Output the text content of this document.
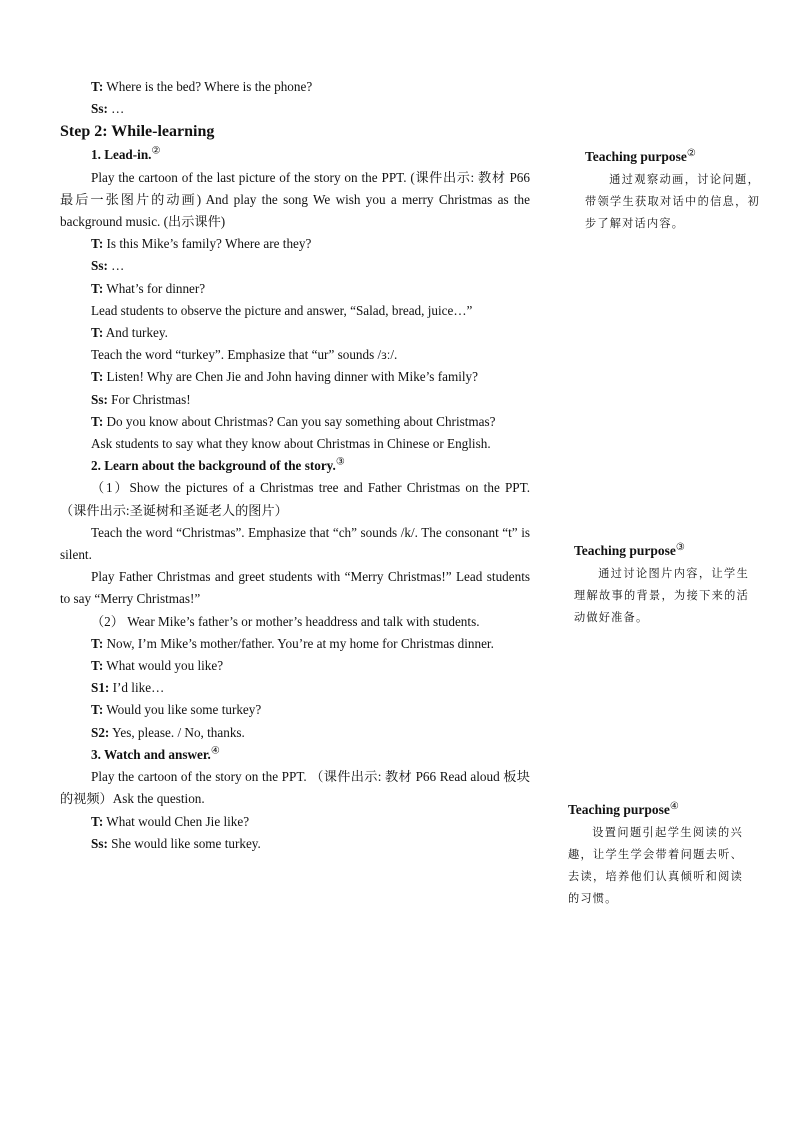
T: Where is the bed? Where is the phone?

Ss: …

Step 2: While-learning

1. Lead-in.②

Play the cartoon of the last picture of the story on the PPT. (课件出示: 教材 P66 最后一张图片的动画) And play the song We wish you a merry Christmas as the background music. (出示课件)

T: Is this Mike’s family? Where are they?

Ss: …

T: What’s for dinner?

Lead students to observe the picture and answer, “Salad, bread, juice…”

T: And turkey.

Teach the word “turkey”. Emphasize that “ur” sounds /ɜː/.

T: Listen! Why are Chen Jie and John having dinner with Mike’s family?

Ss: For Christmas!

T: Do you know about Christmas? Can you say something about Christmas?

Ask students to say what they know about Christmas in Chinese or English.

2. Learn about the background of the story.③

（1）Show the pictures of a Christmas tree and Father Christmas on the PPT. （课件出示:圣诞树和圣诞老人的图片）

Teach the word “Christmas”. Emphasize that “ch” sounds /k/. The consonant “t” is silent.

Play Father Christmas and greet students with “Merry Christmas!” Lead students to say “Merry Christmas!”

（2） Wear Mike’s father’s or mother’s headdress and talk with students.

T: Now, I’m Mike’s mother/father. You’re at my home for Christmas dinner.

T: What would you like?

S1: I’d like…

T: Would you like some turkey?

S2: Yes, please. / No, thanks.

3. Watch and answer.④

Play the cartoon of the story on the PPT. （课件出示: 教材 P66 Read aloud 板块的视频）Ask the question.

T: What would Chen Jie like?

Ss: She would like some turkey.

Teaching purpose②
通过观察动画，讨论问题，带领学生获取对话中的信息，初步了解对话内容。
Teaching purpose③
通过讨论图片内容，让学生理解故事的背景，为接下来的活动做好准备。
Teaching purpose④
设置问题引起学生阅读的兴趣，让学生学会带着问题去听、去读，培养他们认真倾听和阅读的习惯。
